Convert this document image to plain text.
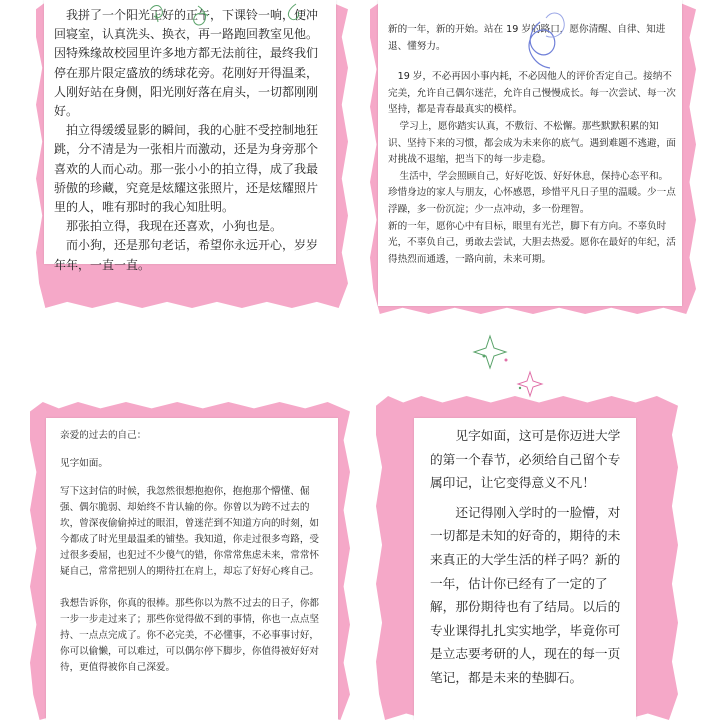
我拼了一个阳光正好的正午，下课铃一响，便冲回寝室，认真洗头、换衣，再一路跑回教室见他。因特殊缘故校园里许多地方都无法前往，最终我们停在那片限定盛放的绣球花旁。花刚好开得温柔，人刚好站在身侧，阳光刚好落在肩头，一切都刚刚好。

拍立得缓缓显影的瞬间，我的心脏不受控制地狂跳，分不清是为一张相片而激动，还是为身旁那个喜欢的人而心动。那一张小小的拍立得，成了我最骄傲的珍藏，究竟是炫耀这张照片，还是炫耀照片里的人，唯有那时的我心知肚明。

那张拍立得，我现在还喜欢，小狗也是。

而小狗，还是那句老话，希望你永远开心，岁岁年年，一直一直。

新的一年，新的开始。站在 19 岁的路口，愿你清醒、自律、知进退、懂努力。

19 岁，不必再因小事内耗，不必因他人的评价否定自己。接纳不完美，允许自己偶尔迷茫，允许自己慢慢成长。每一次尝试、每一次坚持，都是青春最真实的模样。

学习上，愿你踏实认真，不敷衍、不松懈。那些默默积累的知识、坚持下来的习惯，都会成为未来你的底气。遇到难题不逃避，面对挑战不退缩，把当下的每一步走稳。

生活中，学会照顾自己，好好吃饭、好好休息，保持心态平和。珍惜身边的家人与朋友，心怀感恩，珍惜平凡日子里的温暖。少一点浮躁，多一份沉淀；少一点冲动，多一份理智。

新的一年，愿你心中有目标，眼里有光芒，脚下有方向。不辜负时光，不辜负自己，勇敢去尝试，大胆去热爱。愿你在最好的年纪，活得热烈而通透，一路向前，未来可期。

亲爱的过去的自己：

见字如面。

写下这封信的时候，我忽然很想抱抱你，抱抱那个懵懂、倔强、偶尔脆弱、却始终不肯认输的你。你曾以为跨不过去的坎，曾深夜偷偷掉过的眼泪，曾迷茫到不知道方向的时刻，如今都成了时光里最温柔的铺垫。我知道，你走过很多弯路，受过很多委屈，也犯过不少傻气的错，你常常焦虑未来，常常怀疑自己，常常把别人的期待扛在肩上，却忘了好好心疼自己。

我想告诉你，你真的很棒。那些你以为熬不过去的日子，你都一步一步走过来了；那些你觉得做不到的事情，你也一点点坚持、一点点完成了。你不必完美，不必懂事，不必事事讨好，你可以偷懒，可以难过，可以偶尔停下脚步，你值得被好好对待，更值得被你自己深爱。

见字如面，这可是你迈进大学的第一个春节，必须给自己留个专属印记，让它变得意义不凡！

还记得刚入学时的一脸懵，对一切都是未知的好奇的，期待的未来真正的大学生活的样子吗？新的一年，估计你已经有了一定的了解，那份期待也有了结局。以后的专业课得扎扎实实地学，毕竟你可是立志要考研的人，现在的每一页笔记，都是未来的垫脚石。
